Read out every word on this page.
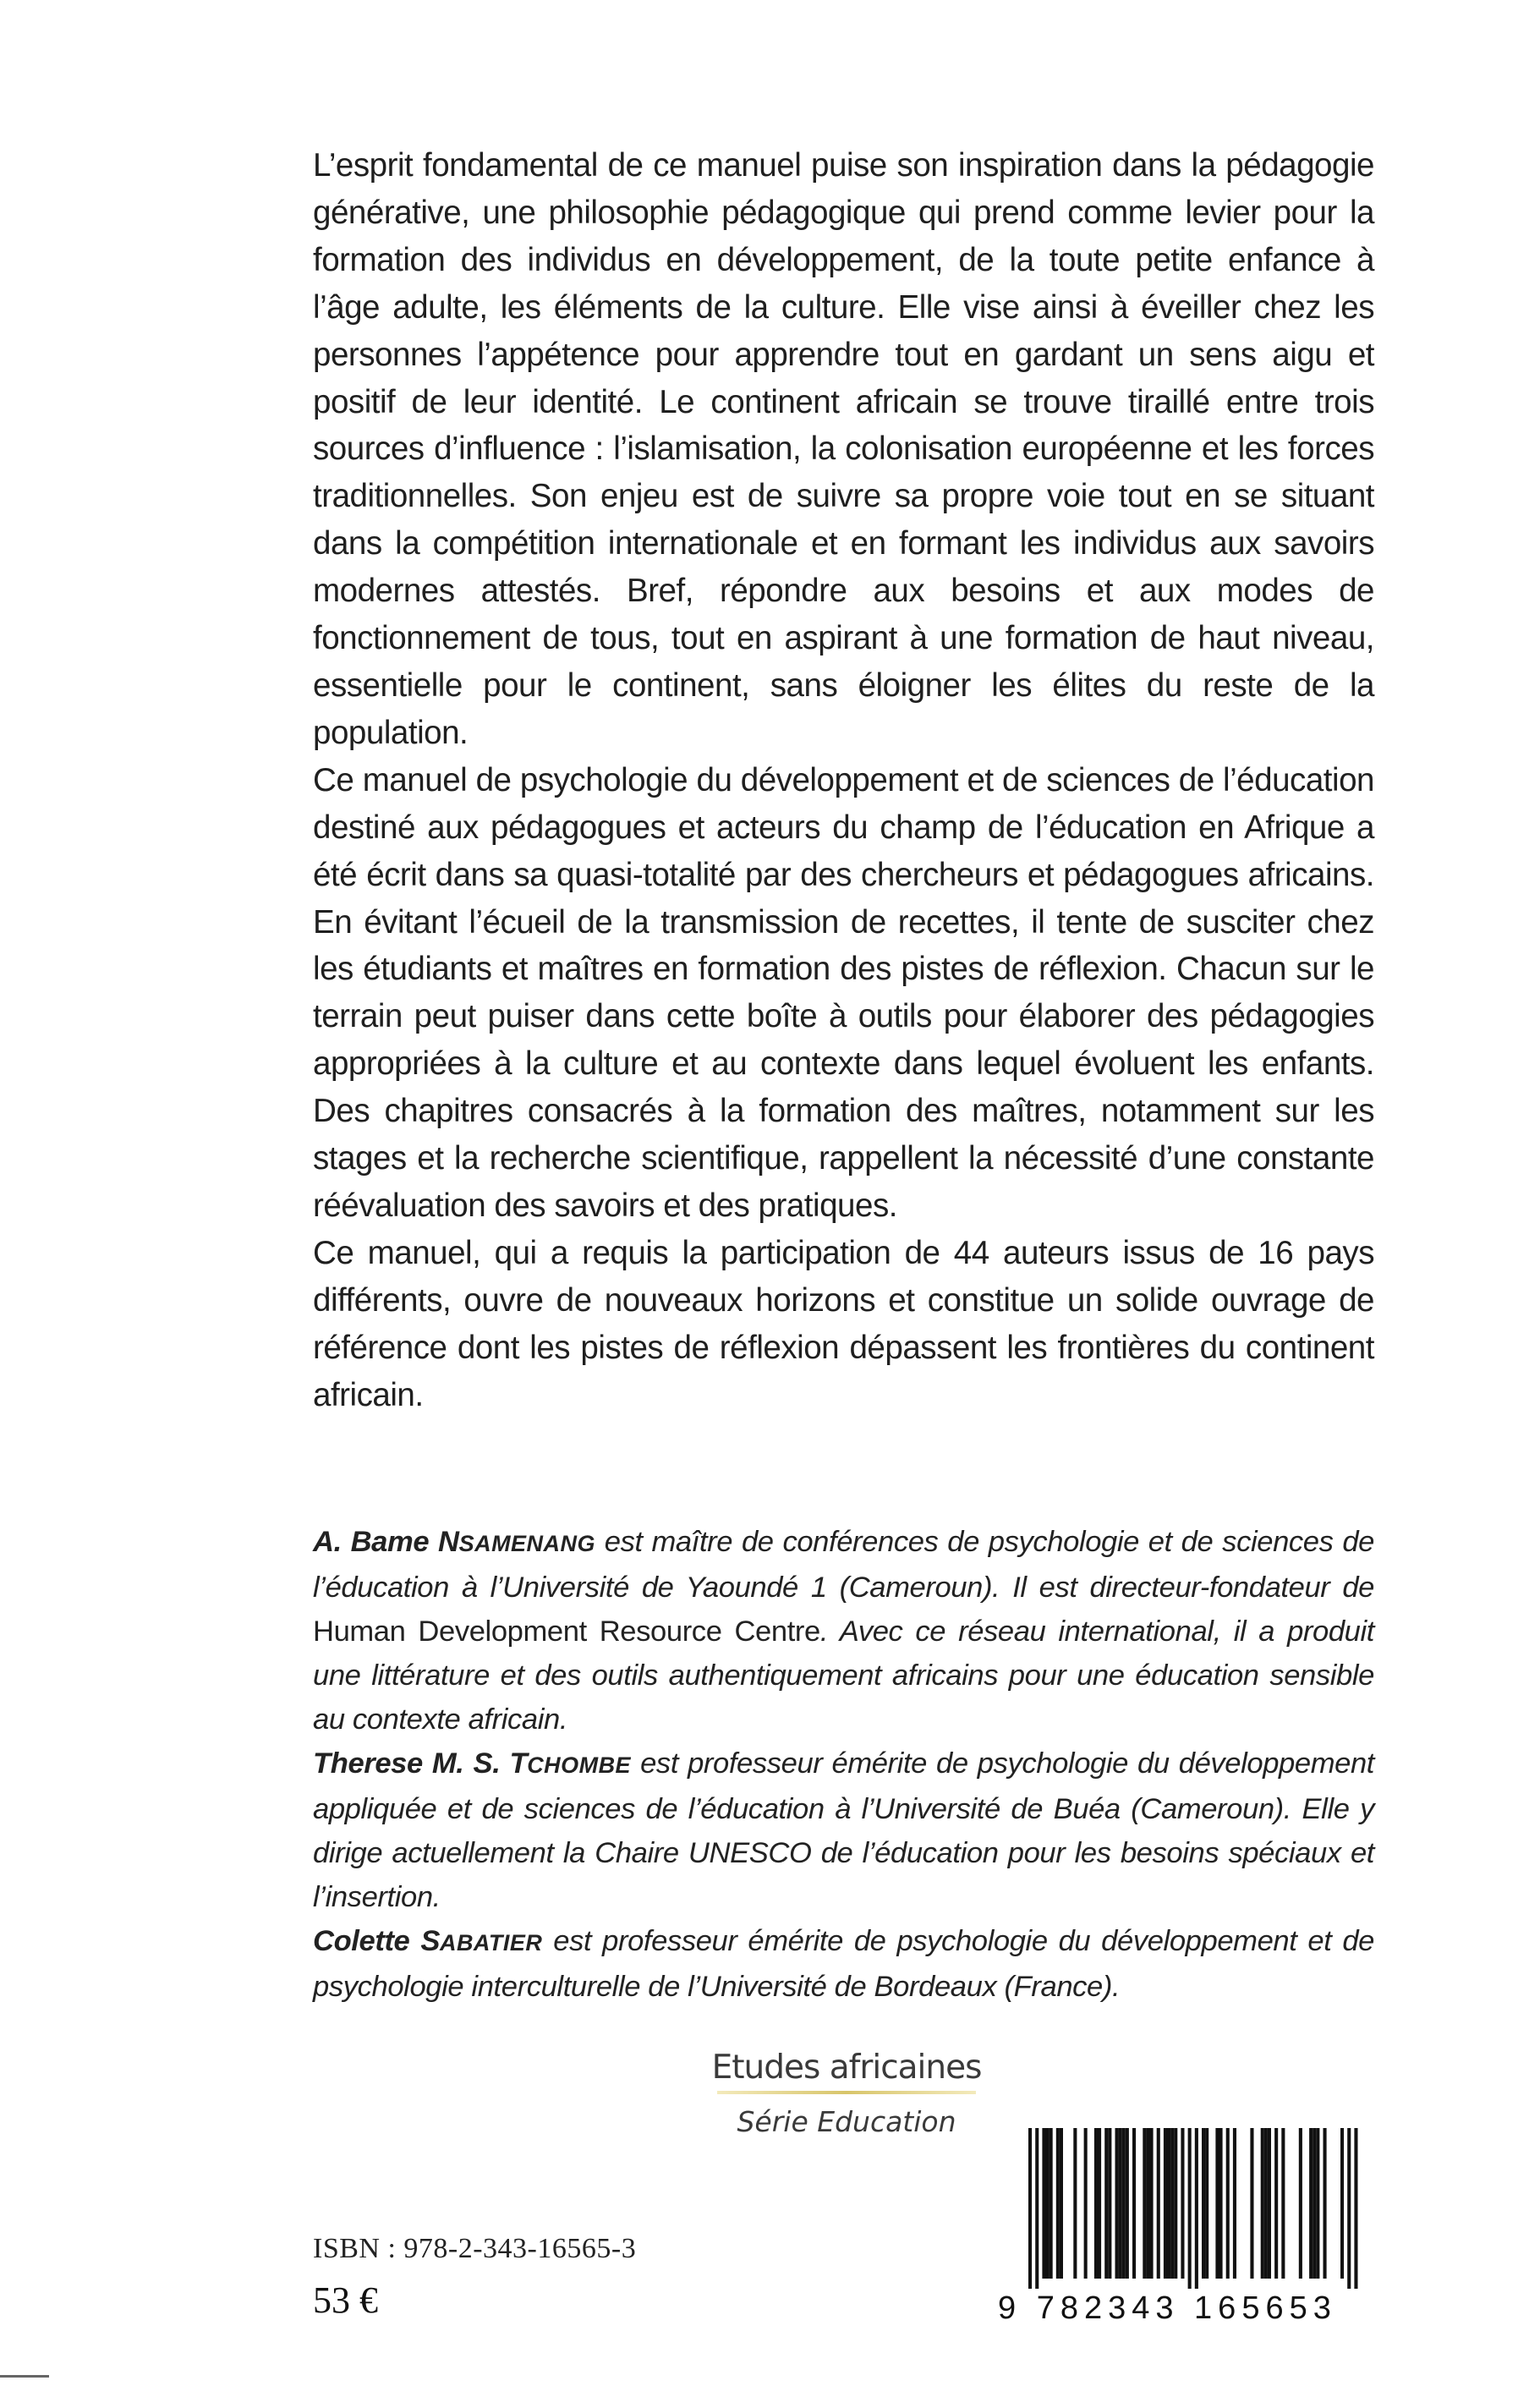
L’esprit fondamental de ce manuel puise son inspiration dans la pédagogie générative, une philosophie pédagogique qui prend comme levier pour la formation des individus en développement, de la toute petite enfance à l’âge adulte, les éléments de la culture. Elle vise ainsi à éveiller chez les personnes l’appétence pour apprendre tout en gardant un sens aigu et positif de leur identité. Le continent africain se trouve tiraillé entre trois sources d’influence : l’islamisation, la colonisation européenne et les forces traditionnelles. Son enjeu est de suivre sa propre voie tout en se situant dans la compétition internationale et en formant les individus aux savoirs modernes attestés. Bref, répondre aux besoins et aux modes de fonctionnement de tous, tout en aspirant à une formation de haut niveau, essentielle pour le continent, sans éloigner les élites du reste de la population.

Ce manuel de psychologie du développement et de sciences de l’éducation destiné aux pédagogues et acteurs du champ de l’éducation en Afrique a été écrit dans sa quasi-totalité par des chercheurs et pédagogues africains. En évitant l’écueil de la transmission de recettes, il tente de susciter chez les étudiants et maîtres en formation des pistes de réflexion. Chacun sur le terrain peut puiser dans cette boîte à outils pour élaborer des pédagogies appropriées à la culture et au contexte dans lequel évoluent les enfants. Des chapitres consacrés à la formation des maîtres, notamment sur les stages et la recherche scientifique, rappellent la nécessité d’une constante réévaluation des savoirs et des pratiques.

Ce manuel, qui a requis la participation de 44 auteurs issus de 16 pays différents, ouvre de nouveaux horizons et constitue un solide ouvrage de référence dont les pistes de réflexion dépassent les frontières du continent africain.

A. Bame NSAMENANG est maître de conférences de psychologie et de sciences de l’éducation à l’Université de Yaoundé 1 (Cameroun). Il est directeur-fondateur de Human Development Resource Centre. Avec ce réseau international, il a produit une littérature et des outils authentiquement africains pour une éducation sensible au contexte africain.

Therese M. S. TCHOMBE est professeur émérite de psychologie du développement appliquée et de sciences de l’éducation à l’Université de Buéa (Cameroun). Elle y dirige actuellement la Chaire UNESCO de l’éducation pour les besoins spéciaux et l’insertion.

Colette SABATIER est professeur émérite de psychologie du développement et de psychologie interculturelle de l’Université de Bordeaux (France).

Etudes africaines
Série Education
ISBN : 978-2-343-16565-3
53 €	9 782343 165653
